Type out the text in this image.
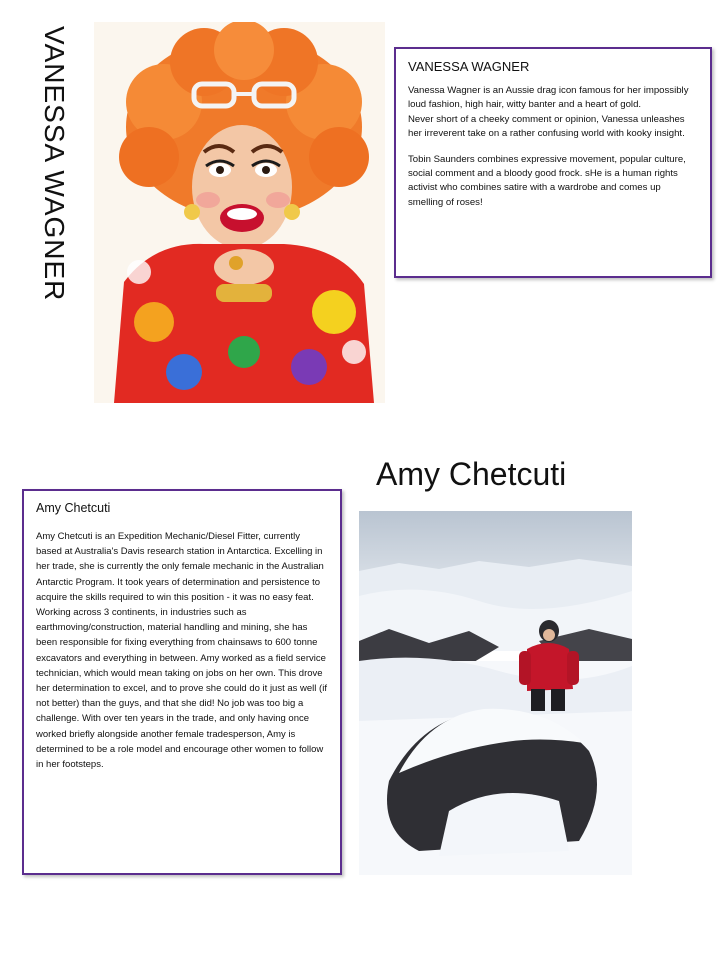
VANESSA WAGNER	VANESSA WAGNER

Vanessa Wagner is an Aussie drag icon famous for her impossibly loud fashion, high hair, witty banter and a heart of gold.

Never short of a cheeky comment or opinion, Vanessa unleashes her irreverent take on a rather confusing world with kooky insight.

Tobin Saunders combines expressive movement, popular culture, social comment and a bloody good frock. sHe is a human rights activist who combines satire with a wardrobe and comes up smelling of roses!

Amy Chetcuti

Amy Chetcuti

Amy Chetcuti is an Expedition Mechanic/Diesel Fitter, currently based at Australia's Davis research station in Antarctica. Excelling in her trade, she is currently the only female mechanic in the Australian Antarctic Program. It took years of determination and persistence to acquire the skills required to win this position - it was no easy feat. Working across 3 continents, in industries such as earthmoving/construction, material handling and mining, she has been responsible for fixing everything from chainsaws to 600 tonne excavators and everything in between. Amy worked as a field service technician, which would mean taking on jobs on her own. This drove her determination to excel, and to prove she could do it just as well (if not better) than the guys, and that she did! No job was too big a challenge. With over ten years in the trade, and only having once worked briefly alongside another female tradesperson, Amy is determined to be a role model and encourage other women to follow in her footsteps.
